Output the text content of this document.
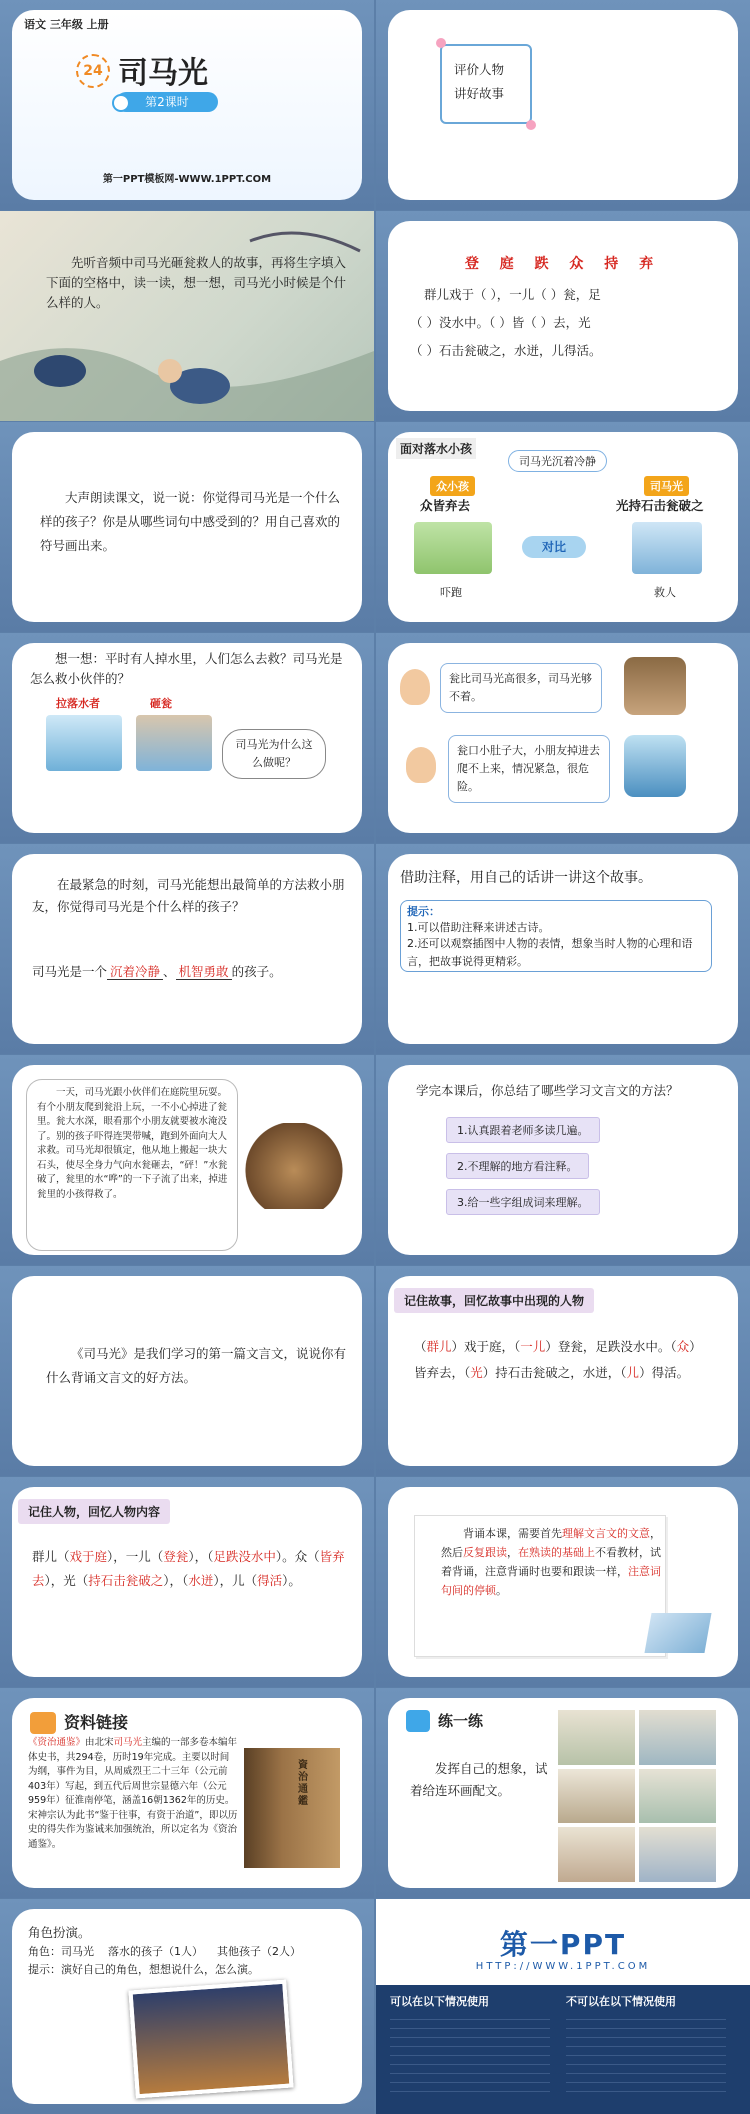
语文 三年级 上册
24 司马光
第2课时
第一PPT模板网-WWW.1PPT.COM
评价人物
讲好故事
先听音频中司马光砸瓮救人的故事，再将生字填入下面的空格中，读一读，想一想，司马光小时候是个什么样的人。
登 庭 跌 众 持 弃
群儿戏于（ ），一儿（ ）瓮，足
（ ）没水中。（ ）皆（ ）去，光
（ ）石击瓮破之，水迸，儿得活。
大声朗读课文，说一说：你觉得司马光是一个什么样的孩子？你是从哪些词句中感受到的？用自己喜欢的符号画出来。
面对落水小孩
司马光沉着冷静
众小孩	司马光
众皆弃去	光持石击瓮破之
对比
吓跑	救人
想一想：平时有人掉水里，人们怎么去救？司马光是怎么救小伙伴的？
拉落水者	砸瓮
司马光为什么这么做呢？
瓮比司马光高很多，司马光够不着。
瓮口小肚子大，小朋友掉进去爬不上来，情况紧急，很危险。
在最紧急的时刻，司马光能想出最简单的方法救小朋友，你觉得司马光是个什么样的孩子？
司马光是一个 沉着冷静 、 机智勇敢 的孩子。
借助注释，用自己的话讲一讲这个故事。
提示：
1.可以借助注释来讲述古诗。
2.还可以观察插图中人物的表情，想象当时人物的心理和语言，把故事说得更精彩。
一天，司马光跟小伙伴们在庭院里玩耍。有个小朋友爬到瓮沿上玩，一不小心掉进了瓮里。瓮大水深，眼看那个小朋友就要被水淹没了。别的孩子吓得连哭带喊，跑到外面向大人求救。司马光却很镇定，他从地上搬起一块大石头，使尽全身力气向水瓮砸去，“砰！”水瓮破了，瓮里的水“哗”的一下子流了出来，掉进瓮里的小孩得救了。
学完本课后，你总结了哪些学习文言文的方法？
1.认真跟着老师多读几遍。
2.不理解的地方看注释。
3.给一些字组成词来理解。
《司马光》是我们学习的第一篇文言文，说说你有什么背诵文言文的好方法。
记住故事，回忆故事中出现的人物
（群儿）戏于庭，（一儿）登瓮，足跌没水中。（众）皆弃去，（光）持石击瓮破之，水迸，（儿）得活。
记住人物，回忆人物内容
群儿（戏于庭），一儿（登瓮），（足跌没水中）。众（皆弃去），光（持石击瓮破之），（水迸），儿（得活）。
背诵本课，需要首先理解文言文的文意，然后反复跟读，在熟读的基础上不看教材，试着背诵，注意背诵时也要和跟读一样，注意词句间的停顿。
资料链接
《资治通鉴》由北宋司马光主编的一部多卷本编年体史书，共294卷，历时19年完成。主要以时间为纲，事件为目，从周威烈王二十三年（公元前403年）写起，到五代后周世宗显德六年（公元959年）征淮南停笔，涵盖16朝1362年的历史。宋神宗认为此书“鉴于往事，有资于治道”，即以历史的得失作为鉴诫来加强统治，所以定名为《资治通鉴》。
資治通鑑
练一练
发挥自己的想象，试着给连环画配文。
角色扮演。
角色：司马光    落水的孩子（1人）    其他孩子（2人）
提示：演好自己的角色，想想说什么，怎么演。
第一PPT
HTTP://WWW.1PPT.COM
可以在以下情况使用	不可以在以下情况使用
